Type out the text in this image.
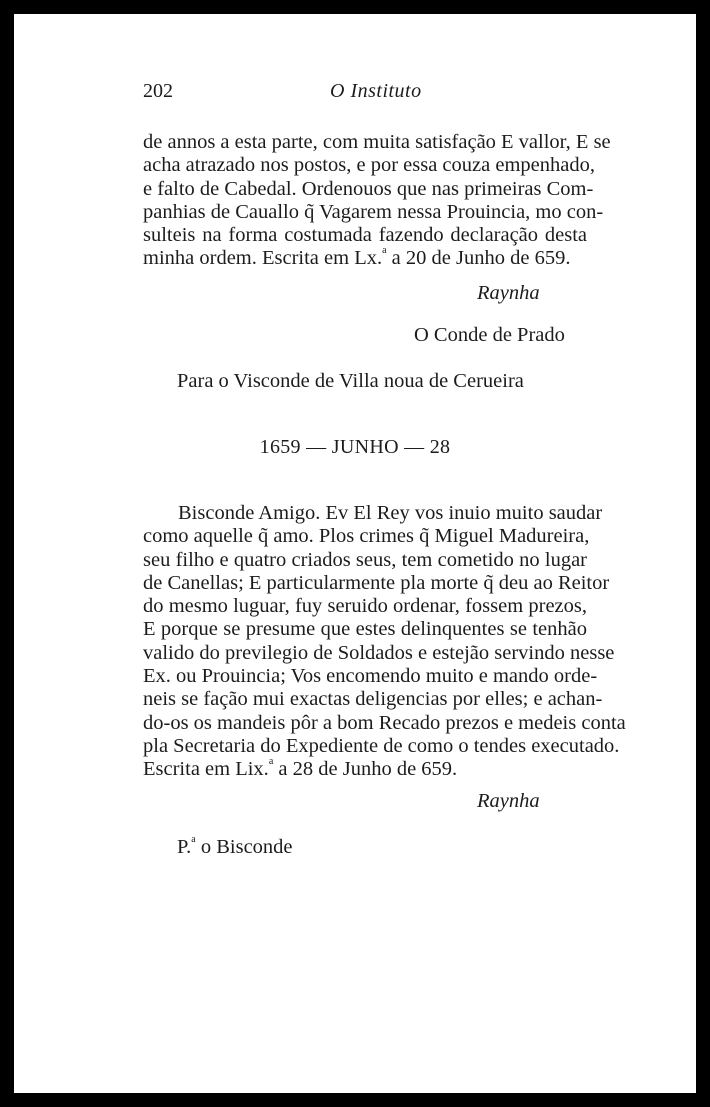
202	O Instituto
de annos a esta parte, com muita satisfação E vallor, E se
acha atrazado nos postos, e por essa couza empenhado,
e falto de Cabedal. Ordenouos que nas primeiras Com-
panhias de Cauallo q̃ Vagarem nessa Prouincia, mo con-
sulteis na forma costumada fazendo declaração desta
minha ordem. Escrita em Lx.$^a$ a 20 de Junho de 659.
Raynha
O Conde de Prado
Para o Visconde de Villa noua de Cerueira
1659 — JUNHO — 28
Bisconde Amigo. Ev El Rey vos inuio muito saudar
como aquelle q̃ amo. Plos crimes q̃ Miguel Madureira,
seu filho e quatro criados seus, tem cometido no lugar
de Canellas; E particularmente pla morte q̃ deu ao Reitor
do mesmo luguar, fuy seruido ordenar, fossem prezos,
E porque se presume que estes delinquentes se tenhão
valido do previlegio de Soldados e estejão servindo nesse
Ex. ou Prouincia; Vos encomendo muito e mando orde-
neis se fação mui exactas deligencias por elles; e achan-
do-os os mandeis pôr a bom Recado prezos e medeis conta
pla Secretaria do Expediente de como o tendes executado.
Escrita em Lix.$^a$ a 28 de Junho de 659.
Raynha
P.$^a$ o Bisconde
